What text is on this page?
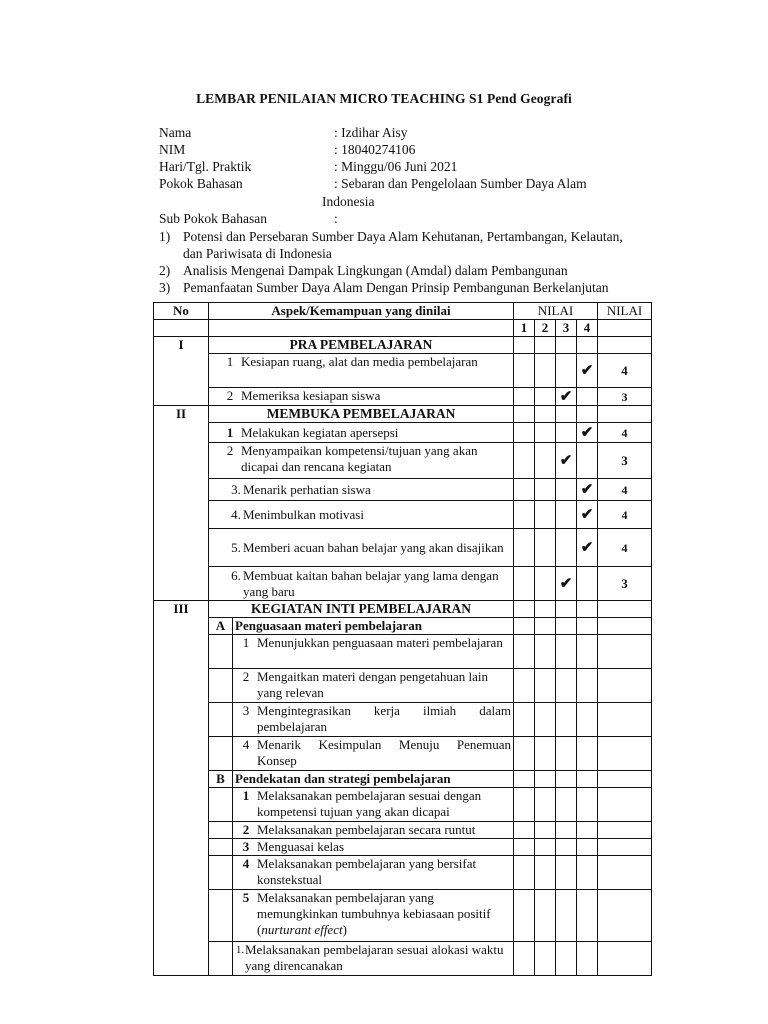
LEMBAR PENILAIAN MICRO TEACHING S1 Pend Geografi
Nama	: Izdihar Aisy
NIM	: 18040274106
Hari/Tgl. Praktik	: Minggu/06 Juni 2021
Pokok Bahasan	: Sebaran dan Pengelolaan Sumber Daya Alam
Indonesia
Sub Pokok Bahasan	:
1) Potensi dan Persebaran Sumber Daya Alam Kehutanan, Pertambangan, Kelautan,
dan Pariwisata di Indonesia
2) Analisis Mengenai Dampak Lingkungan (Amdal) dalam Pembangunan
3) Pemanfaatan Sumber Daya Alam Dengan Prinsip Pembangunan Berkelanjutan
No	Aspek/Kemampuan yang dinilai		NILAI				NILAI
			1	2	3	4	
I	PRA PEMBELAJARAN						

	1 Kesiapan ruang, alat dan media pembelajaran					✔	4

	2 Memeriksa kesiapan siswa				✔		3
II	MEMBUKA PEMBELAJARAN						

	1 Melakukan kegiatan apersepsi					✔	4

	2 Menyampaikan kompetensi/tujuan yang akan dicapai dan rencana kegiatan				✔		3

	3. Menarik perhatian siswa					✔	4

	4. Menimbulkan motivasi					✔	4

	5. Memberi acuan bahan belajar yang akan disajikan					✔	4

	6. Membuat kaitan bahan belajar yang lama dengan yang baru				✔		3
III	KEGIATAN INTI PEMBELAJARAN						
	A	Penguasaan materi pembelajaran					

		1 Menunjukkan penguasaan materi pembelajaran					

		2 Mengaitkan materi dengan pengetahuan lain yang relevan					

		3 Mengintegrasikan kerja ilmiah dalam pembelajaran					

		4 Menarik Kesimpulan Menuju Penemuan Konsep					

	B	Pendekatan dan strategi pembelajaran					

		1 Melaksanakan pembelajaran sesuai dengan kompetensi tujuan yang akan dicapai					

		2 Melaksanakan pembelajaran secara runtut					

		3 Menguasai kelas					

		4 Melaksanakan pembelajaran yang bersifat konstekstual					

		5 Melaksanakan pembelajaran yang memungkinkan tumbuhnya kebiasaan positif (nurturant effect)					

		1. Melaksanakan pembelajaran sesuai alokasi waktu yang direncanakan					
